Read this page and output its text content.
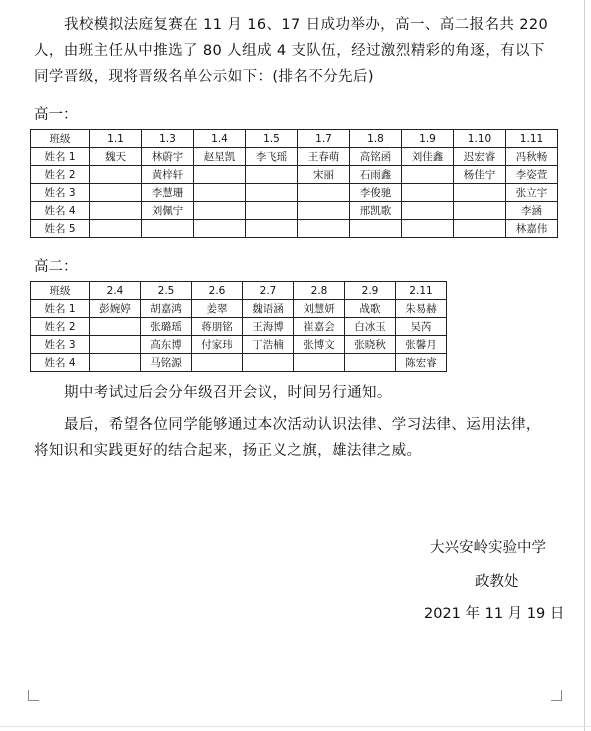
我校模拟法庭复赛在 11 月 16、17 日成功举办，高一、高二报名共 220 人，由班主任从中推选了 80 人组成 4 支队伍，经过激烈精彩的角逐，有以下同学晋级，现将晋级名单公示如下：(排名不分先后)
高一：
班级	1.1	1.3	1.4	1.5	1.7	1.8	1.9	1.10	1.11
姓名 1	魏天	林蔚宇	赵星凯	李飞瑶	王春萌	高铭函	刘佳鑫	迟宏睿	冯秋畅
姓名 2		黄梓轩			宋丽	石雨鑫		杨佳宁	李姿萱
姓名 3		李慧珊				李俊驰			张立宇
姓名 4		刘佩宁				邢凯歌			李涵
姓名 5									林嘉伟
高二：
班级	2.4	2.5	2.6	2.7	2.8	2.9	2.11
姓名 1	彭婉婷	胡嘉鸿	姜翠	魏语涵	刘慧妍	战歌	朱易赫
姓名 2		张璐瑶	蒋朋铭	王海博	崔嘉会	白冰玉	吴芮
姓名 3		高东博	付家玮	丁浩楠	张博文	张晓秋	张馨月
姓名 4		马铭源					陈宏睿
期中考试过后会分年级召开会议，时间另行通知。
最后，希望各位同学能够通过本次活动认识法律、学习法律、运用法律，将知识和实践更好的结合起来，扬正义之旗，雄法律之威。
大兴安岭实验中学
政教处
2021 年 11 月 19 日
